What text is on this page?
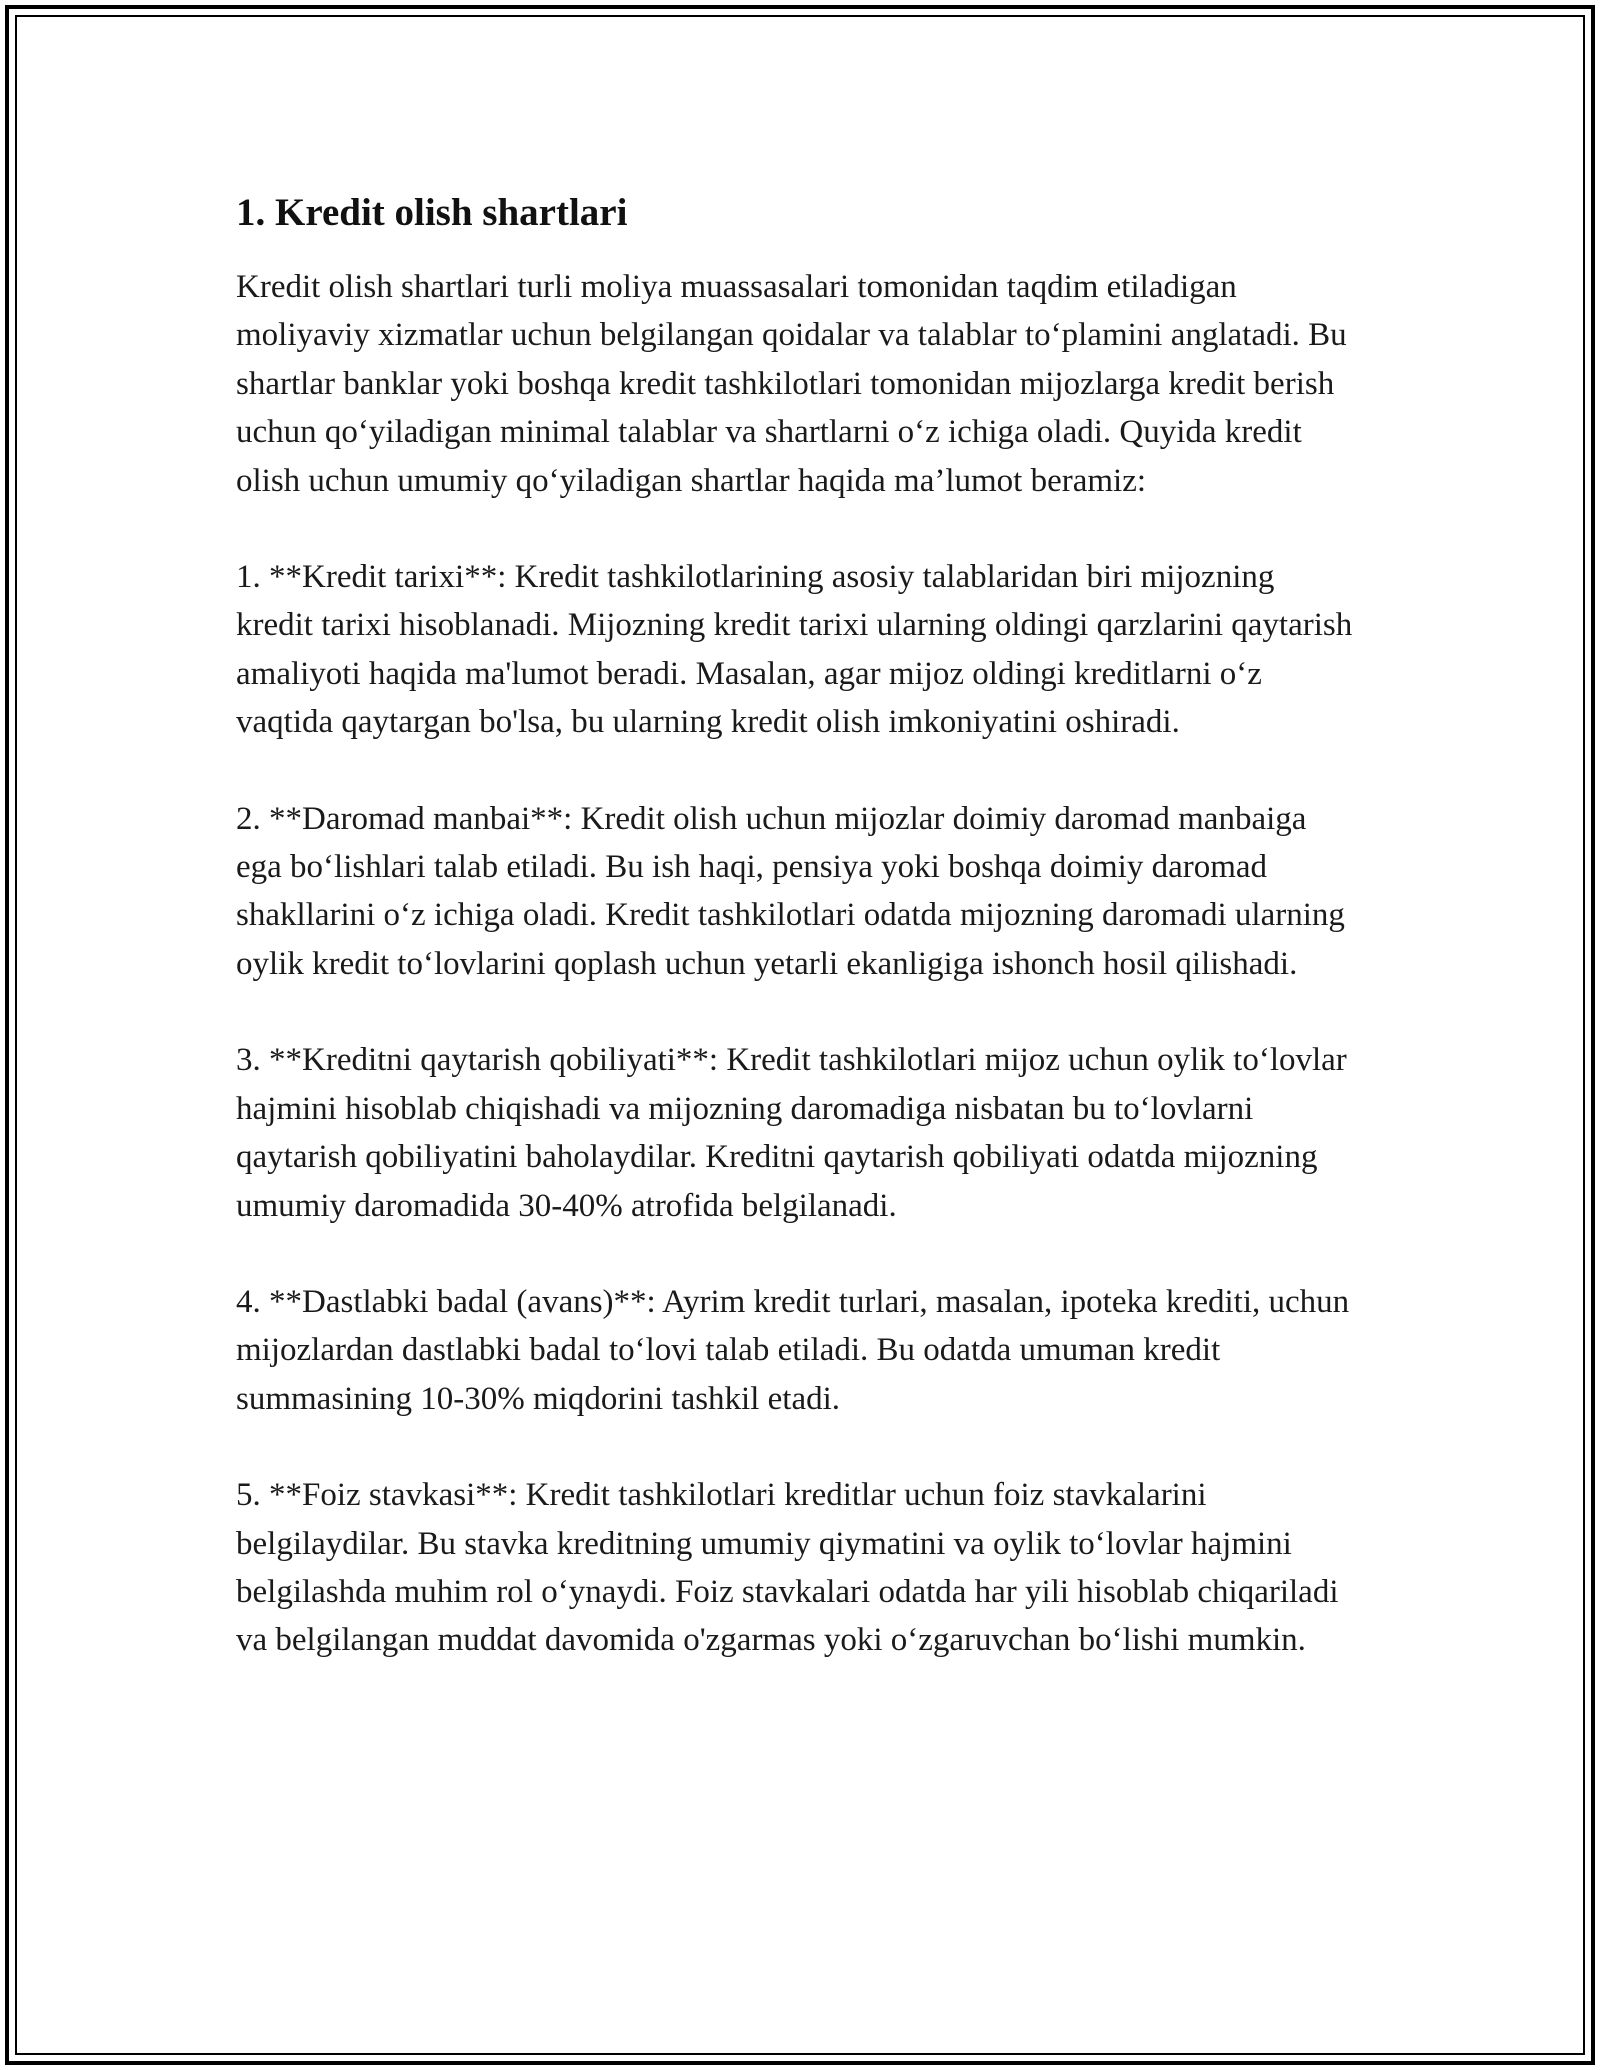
1. Kredit olish shartlari

Kredit olish shartlari turli moliya muassasalari tomonidan taqdim etiladigan moliyaviy xizmatlar uchun belgilangan qoidalar va talablar to‘plamini anglatadi. Bu shartlar banklar yoki boshqa kredit tashkilotlari tomonidan mijozlarga kredit berish uchun qo‘yiladigan minimal talablar va shartlarni o‘z ichiga oladi. Quyida kredit olish uchun umumiy qo‘yiladigan shartlar haqida ma’lumot beramiz:

1. **Kredit tarixi**: Kredit tashkilotlarining asosiy talablaridan biri mijozning kredit tarixi hisoblanadi. Mijozning kredit tarixi ularning oldingi qarzlarini qaytarish amaliyoti haqida ma'lumot beradi. Masalan, agar mijoz oldingi kreditlarni o‘z vaqtida qaytargan bo'lsa, bu ularning kredit olish imkoniyatini oshiradi.

2. **Daromad manbai**: Kredit olish uchun mijozlar doimiy daromad manbaiga ega bo‘lishlari talab etiladi. Bu ish haqi, pensiya yoki boshqa doimiy daromad shakllarini o‘z ichiga oladi. Kredit tashkilotlari odatda mijozning daromadi ularning oylik kredit to‘lovlarini qoplash uchun yetarli ekanligiga ishonch hosil qilishadi.

3. **Kreditni qaytarish qobiliyati**: Kredit tashkilotlari mijoz uchun oylik to‘lovlar hajmini hisoblab chiqishadi va mijozning daromadiga nisbatan bu to‘lovlarni qaytarish qobiliyatini baholaydilar. Kreditni qaytarish qobiliyati odatda mijozning umumiy daromadida 30-40% atrofida belgilanadi.

4. **Dastlabki badal (avans)**: Ayrim kredit turlari, masalan, ipoteka krediti, uchun mijozlardan dastlabki badal to‘lovi talab etiladi. Bu odatda umuman kredit summasining 10-30% miqdorini tashkil etadi.

5. **Foiz stavkasi**: Kredit tashkilotlari kreditlar uchun foiz stavkalarini belgilaydilar. Bu stavka kreditning umumiy qiymatini va oylik to‘lovlar hajmini belgilashda muhim rol o‘ynaydi. Foiz stavkalari odatda har yili hisoblab chiqariladi va belgilangan muddat davomida o'zgarmas yoki o‘zgaruvchan bo‘lishi mumkin.
